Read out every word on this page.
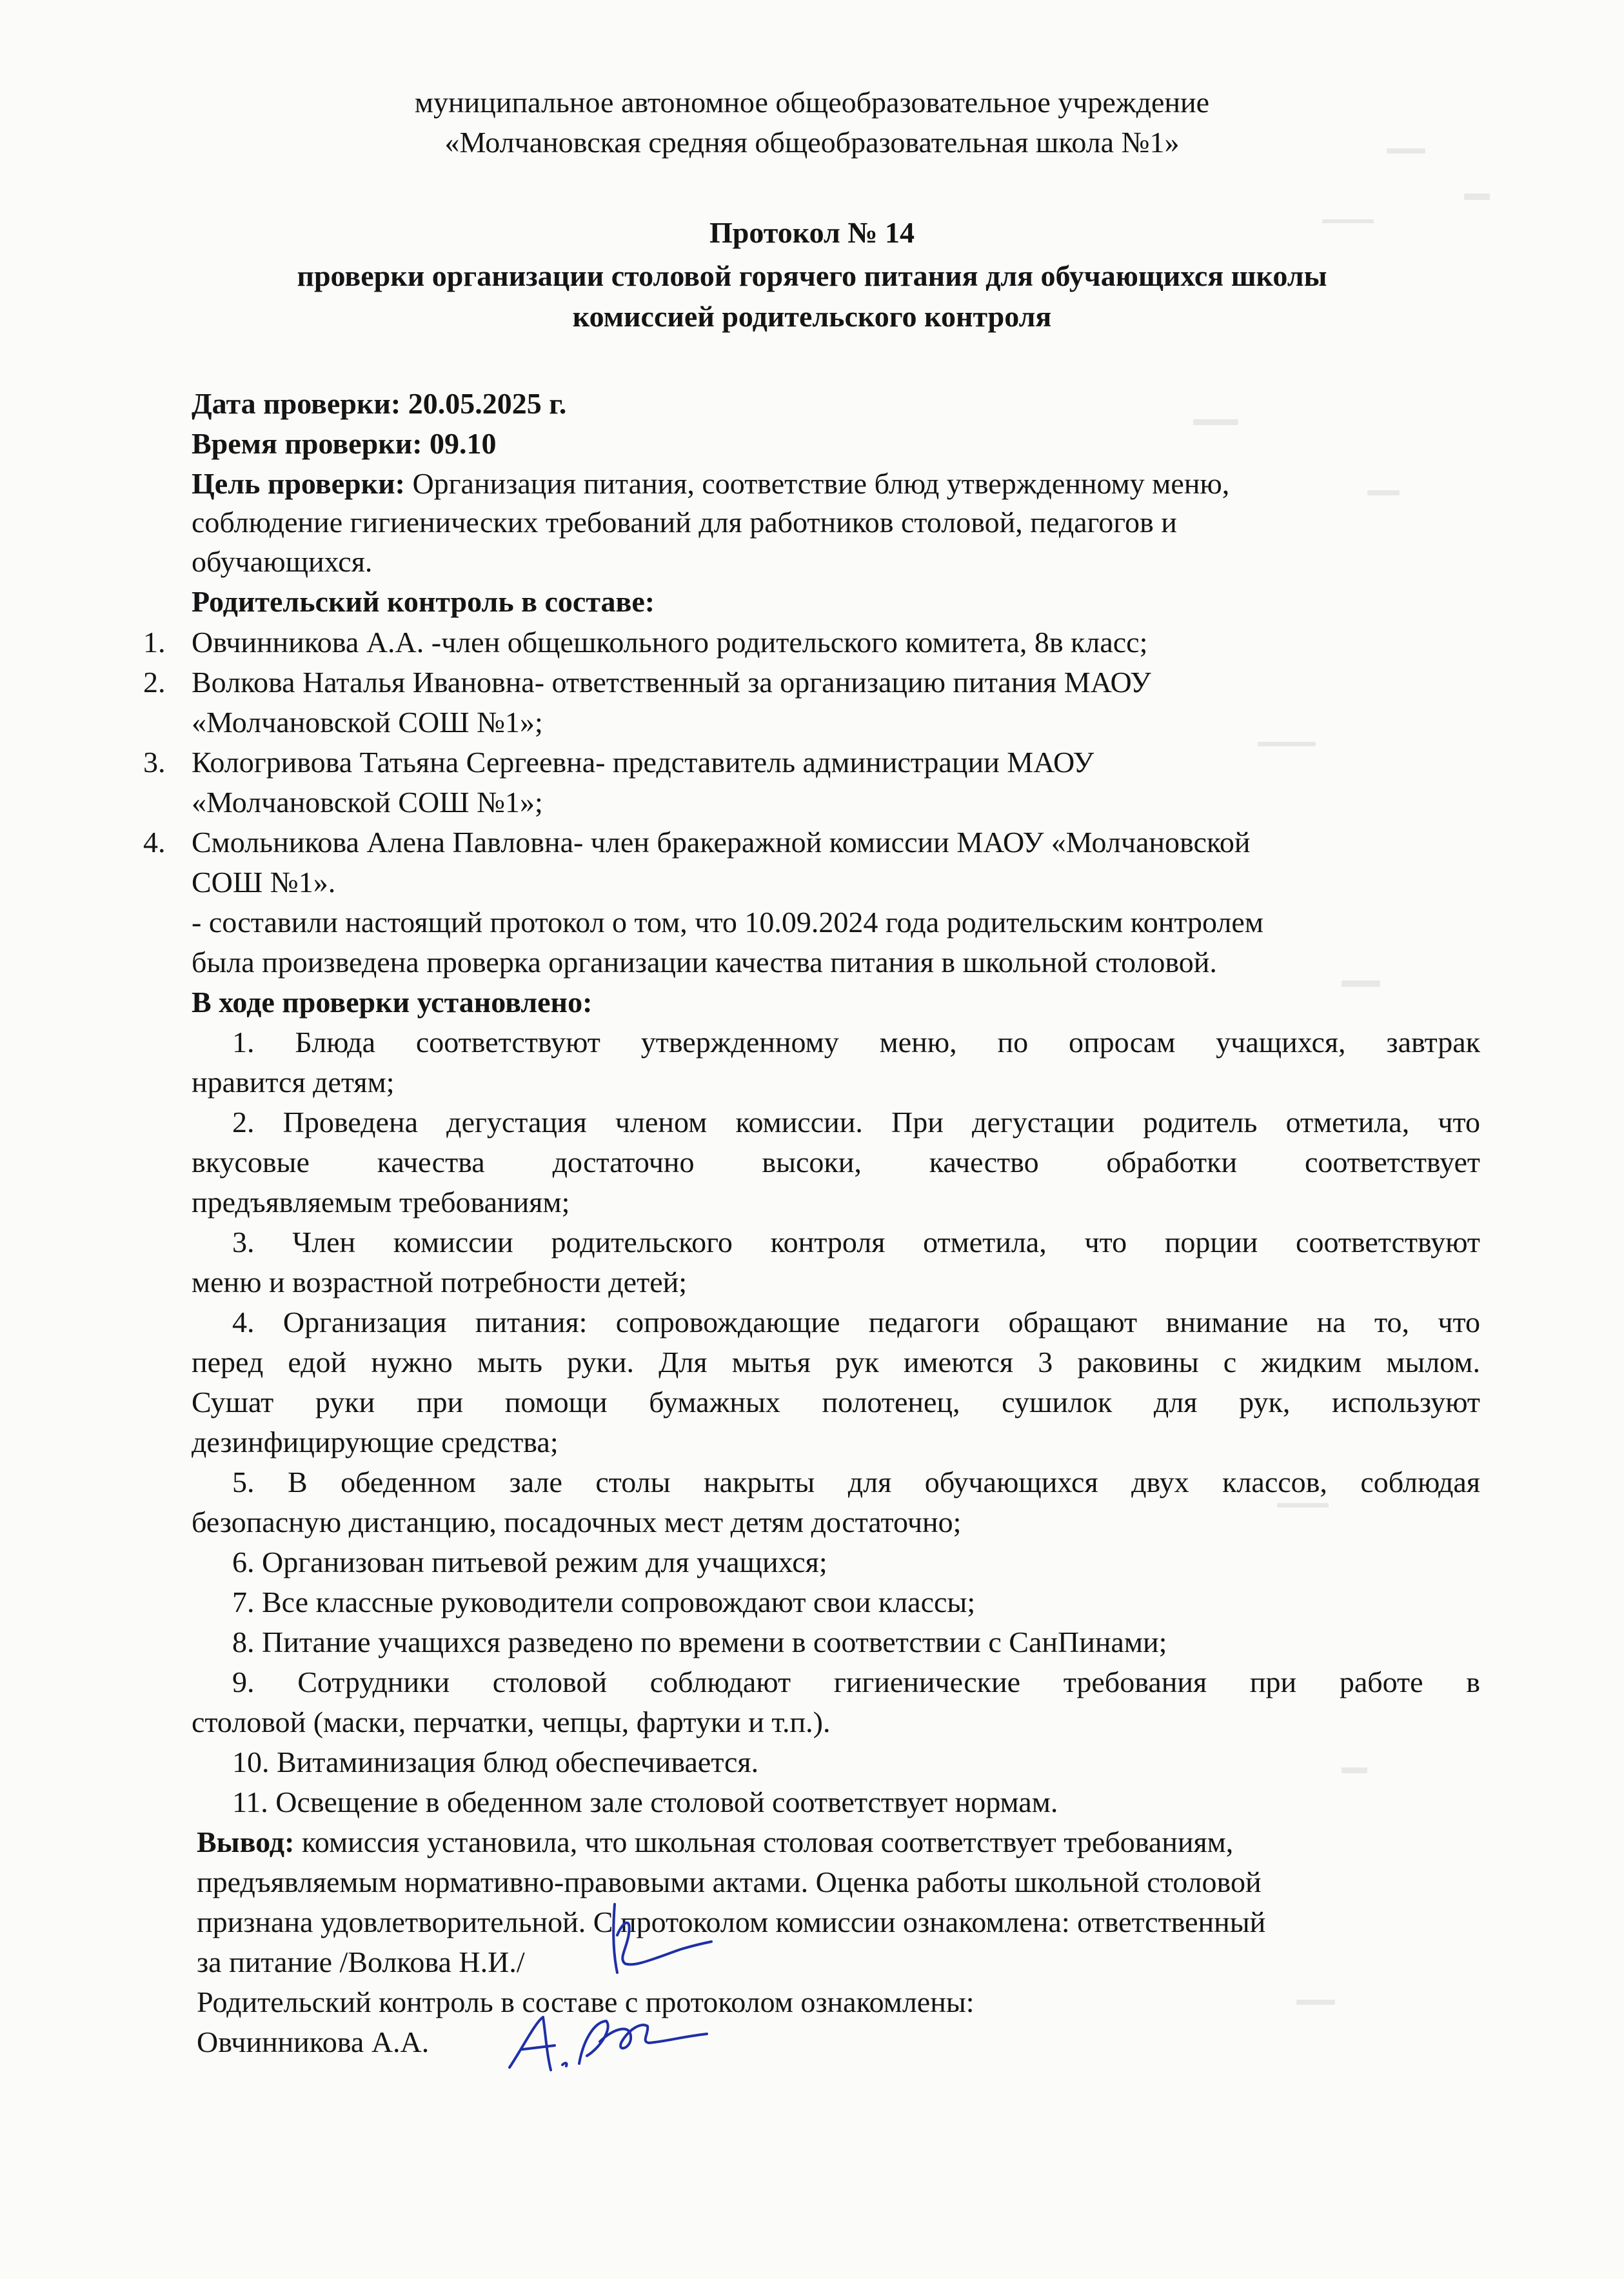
муниципальное автономное общеобразовательное учреждение
«Молчановская средняя общеобразовательная школа №1»
Протокол № 14
проверки организации столовой горячего питания для обучающихся школы
комиссией родительского контроля
Дата проверки: 20.05.2025 г.
Время проверки: 09.10
Цель проверки: Организация питания, соответствие блюд утвержденному меню,
соблюдение гигиенических требований для работников столовой, педагогов и
обучающихся.
Родительский контроль в составе:
1. Овчинникова А.А. -член общешкольного родительского комитета, 8в класс;
2. Волкова Наталья Ивановна- ответственный за организацию питания МАОУ
«Молчановской СОШ №1»;
3. Кологривова Татьяна Сергеевна- представитель администрации МАОУ
«Молчановской СОШ №1»;
4. Смольникова Алена Павловна- член бракеражной комиссии МАОУ «Молчановской
СОШ №1».
- составили настоящий протокол о том, что 10.09.2024 года родительским контролем
была произведена проверка организации качества питания в школьной столовой.
В ходе проверки установлено:
1. Блюда соответствуют утвержденному меню, по опросам учащихся, завтрак
нравится детям;
2. Проведена дегустация членом комиссии. При дегустации родитель отметила, что
вкусовые качества достаточно высоки, качество обработки соответствует
предъявляемым требованиям;
3. Член комиссии родительского контроля отметила, что порции соответствуют
меню и возрастной потребности детей;
4. Организация питания: сопровождающие педагоги обращают внимание на то, что
перед едой нужно мыть руки. Для мытья рук имеются 3 раковины с жидким мылом.
Сушат руки при помощи бумажных полотенец, сушилок для рук, используют
дезинфицирующие средства;
5. В обеденном зале столы накрыты для обучающихся двух классов, соблюдая
безопасную дистанцию, посадочных мест детям достаточно;
6. Организован питьевой режим для учащихся;
7. Все классные руководители сопровождают свои классы;
8. Питание учащихся разведено по времени в соответствии с СанПинами;
9. Сотрудники столовой соблюдают гигиенические требования при работе в
столовой (маски, перчатки, чепцы, фартуки и т.п.).
10. Витаминизация блюд обеспечивается.
11. Освещение в обеденном зале столовой соответствует нормам.
Вывод: комиссия установила, что школьная столовая соответствует требованиям,
предъявляемым нормативно-правовыми актами. Оценка работы школьной столовой
признана удовлетворительной. С протоколом комиссии ознакомлена: ответственный
за питание /Волкова Н.И./
Родительский контроль в составе с протоколом ознакомлены:
Овчинникова А.А.
